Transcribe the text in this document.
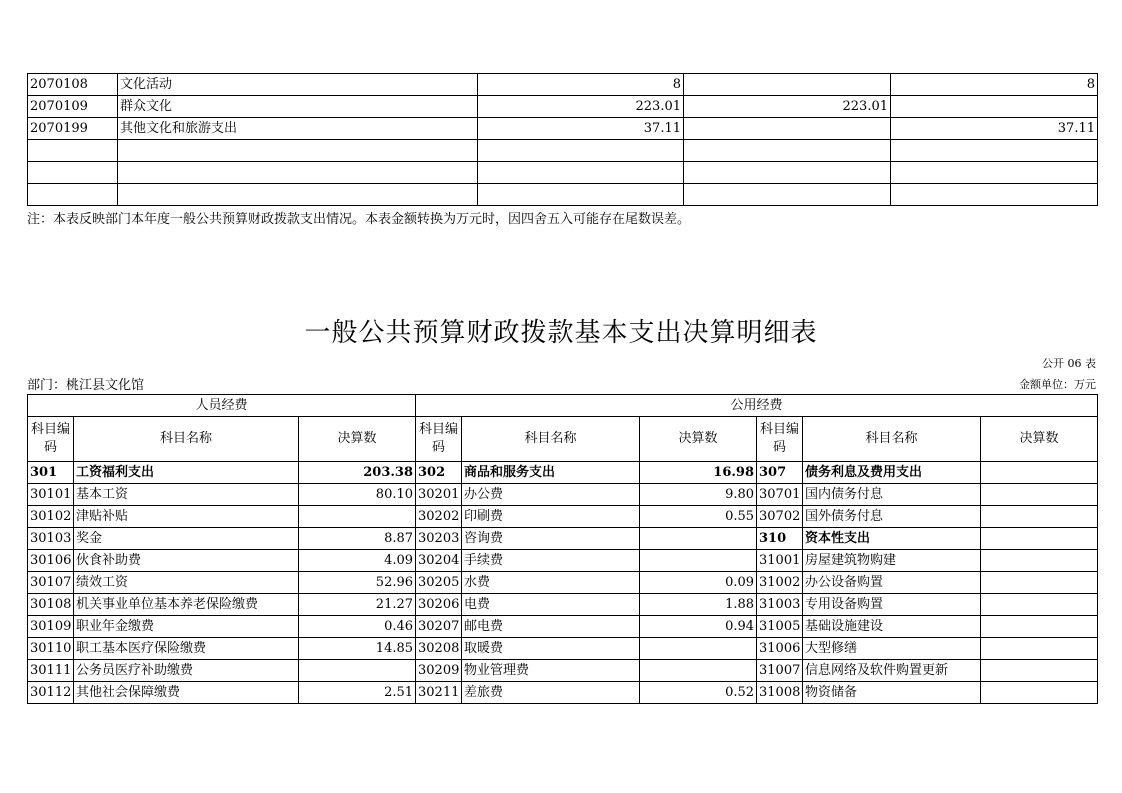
2070108	文化活动	8		8
2070109	群众文化	223.01	223.01	
2070199	其他文化和旅游支出	37.11		37.11

注：本表反映部门本年度一般公共预算财政拨款支出情况。本表金额转换为万元时，因四舍五入可能存在尾数误差。
一般公共预算财政拨款基本支出决算明细表
公开 06 表
部门：桃江县文化馆	金额单位：万元
人员经费			公用经费					
科目编码	科目名称	决算数	科目编码	科目名称	决算数	科目编码	科目名称	决算数
301	工资福利支出	203.38	302	商品和服务支出	16.98	307	债务利息及费用支出	
30101	基本工资	80.10	30201	办公费	9.80	30701	国内债务付息	
30102	津贴补贴		30202	印刷费	0.55	30702	国外债务付息	
30103	奖金	8.87	30203	咨询费		310	资本性支出	
30106	伙食补助费	4.09	30204	手续费		31001	房屋建筑物购建	
30107	绩效工资	52.96	30205	水费	0.09	31002	办公设备购置	
30108	机关事业单位基本养老保险缴费	21.27	30206	电费	1.88	31003	专用设备购置	
30109	职业年金缴费	0.46	30207	邮电费	0.94	31005	基础设施建设	
30110	职工基本医疗保险缴费	14.85	30208	取暖费		31006	大型修缮	
30111	公务员医疗补助缴费		30209	物业管理费		31007	信息网络及软件购置更新	
30112	其他社会保障缴费	2.51	30211	差旅费	0.52	31008	物资储备	
